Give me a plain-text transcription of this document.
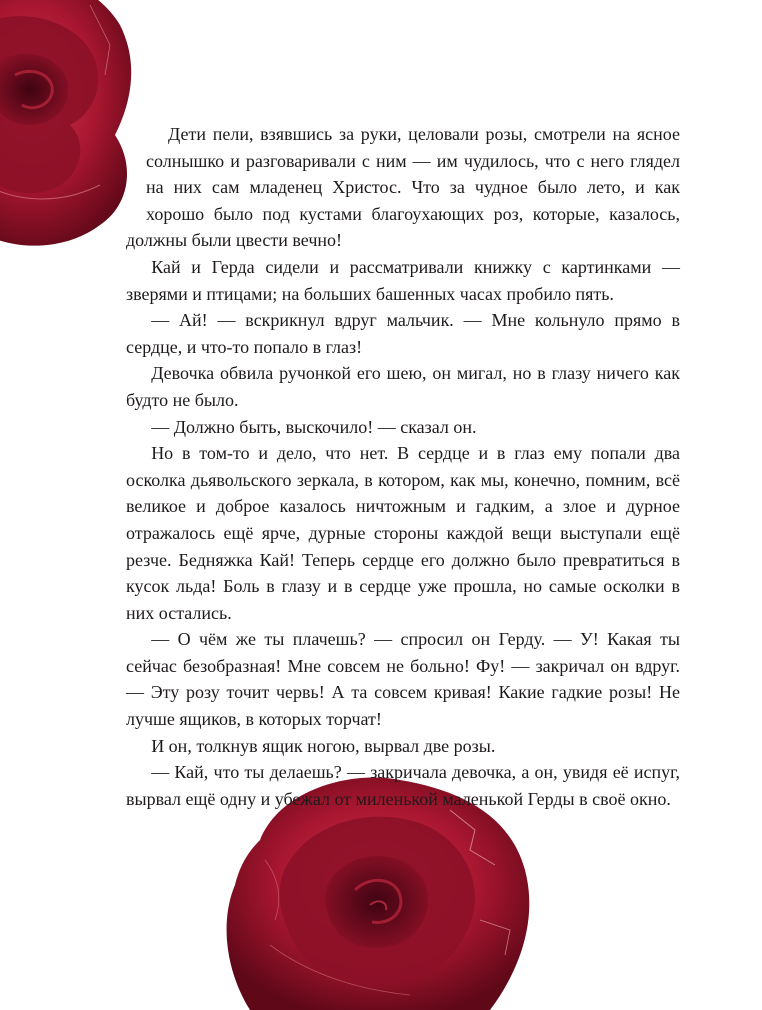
Дети пели, взявшись за руки, целовали розы, смотрели на ясное солнышко и разговаривали с ним — им чудилось, что с него глядел на них сам младенец Христос. Что за чудное было лето, и как хорошо было под кустами благоухающих роз, которые, казалось, должны были цвести вечно!

Кай и Герда сидели и рассматривали книжку с картинками — зверями и птицами; на больших башенных часах пробило пять.

— Ай! — вскрикнул вдруг мальчик. — Мне кольнуло прямо в сердце, и что-то попало в глаз!

Девочка обвила ручонкой его шею, он мигал, но в глазу ничего как будто не было.

— Должно быть, выскочило! — сказал он.

Но в том-то и дело, что нет. В сердце и в глаз ему попали два осколка дьявольского зеркала, в котором, как мы, конечно, помним, всё великое и доброе казалось ничтожным и гадким, а злое и дурное отражалось ещё ярче, дурные стороны каждой вещи выступали ещё резче. Бедняжка Кай! Теперь сердце его должно было превратиться в кусок льда! Боль в глазу и в сердце уже прошла, но самые осколки в них остались.

— О чём же ты плачешь? — спросил он Герду. — У! Какая ты сейчас безобразная! Мне совсем не больно! Фу! — закричал он вдруг. — Эту розу точит червь! А та совсем кривая! Какие гадкие розы! Не лучше ящиков, в которых торчат!

И он, толкнув ящик ногою, вырвал две розы.

— Кай, что ты делаешь? — закричала девочка, а он, увидя её испуг, вырвал ещё одну и убежал от миленькой маленькой Герды в своё окно.
